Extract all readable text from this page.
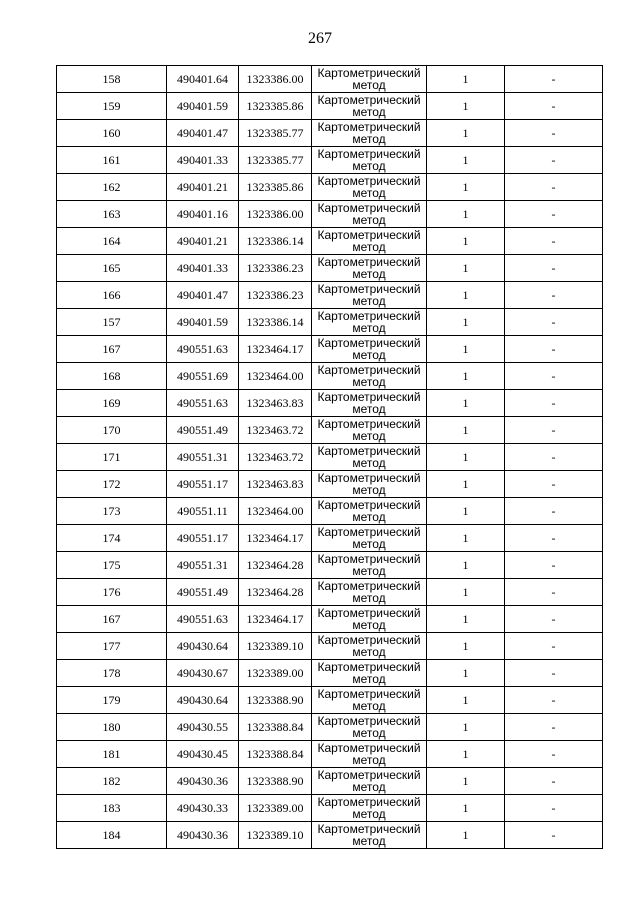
267
158	490401.64	1323386.00	Картометрический метод	1	-
159	490401.59	1323385.86	Картометрический метод	1	-
160	490401.47	1323385.77	Картометрический метод	1	-
161	490401.33	1323385.77	Картометрический метод	1	-
162	490401.21	1323385.86	Картометрический метод	1	-
163	490401.16	1323386.00	Картометрический метод	1	-
164	490401.21	1323386.14	Картометрический метод	1	-
165	490401.33	1323386.23	Картометрический метод	1	-
166	490401.47	1323386.23	Картометрический метод	1	-
157	490401.59	1323386.14	Картометрический метод	1	-
167	490551.63	1323464.17	Картометрический метод	1	-
168	490551.69	1323464.00	Картометрический метод	1	-
169	490551.63	1323463.83	Картометрический метод	1	-
170	490551.49	1323463.72	Картометрический метод	1	-
171	490551.31	1323463.72	Картометрический метод	1	-
172	490551.17	1323463.83	Картометрический метод	1	-
173	490551.11	1323464.00	Картометрический метод	1	-
174	490551.17	1323464.17	Картометрический метод	1	-
175	490551.31	1323464.28	Картометрический метод	1	-
176	490551.49	1323464.28	Картометрический метод	1	-
167	490551.63	1323464.17	Картометрический метод	1	-
177	490430.64	1323389.10	Картометрический метод	1	-
178	490430.67	1323389.00	Картометрический метод	1	-
179	490430.64	1323388.90	Картометрический метод	1	-
180	490430.55	1323388.84	Картометрический метод	1	-
181	490430.45	1323388.84	Картометрический метод	1	-
182	490430.36	1323388.90	Картометрический метод	1	-
183	490430.33	1323389.00	Картометрический метод	1	-
184	490430.36	1323389.10	Картометрический метод	1	-
